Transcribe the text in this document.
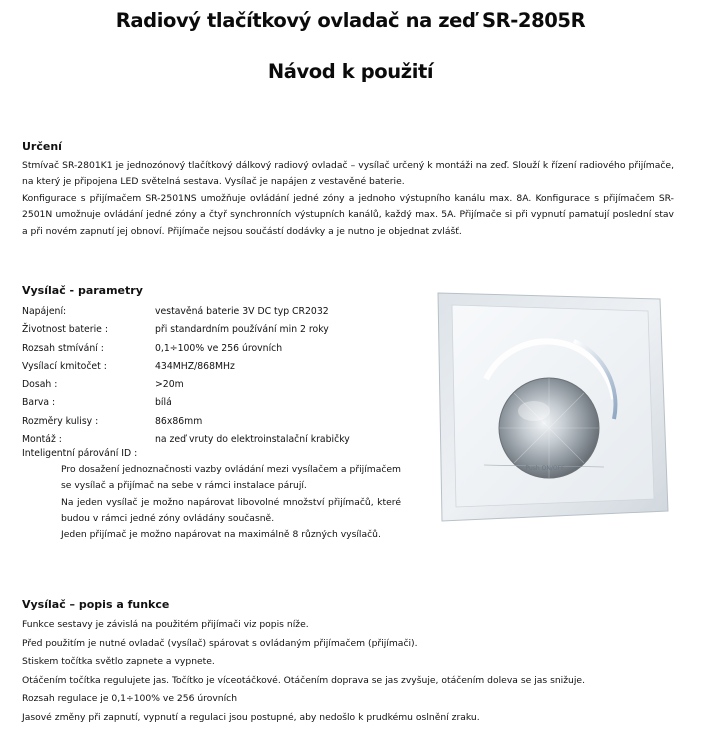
Radiový tlačítkový ovladač na zeď SR-2805R
Návod k použití
Určení
Stmívač SR-2801K1 je jednozónový tlačítkový dálkový radiový ovladač – vysílač určený k montáži na zeď. Slouží k řízení radiového přijímače, na který je připojena LED světelná sestava. Vysílač je napájen z vestavěné baterie.
Konfigurace s přijímačem SR-2501NS umožňuje ovládání jedné zóny a jednoho výstupního kanálu max. 8A. Konfigurace s přijímačem SR-2501N umožnuje ovládání jedné zóny a čtyř synchronních výstupních kanálů, každý max. 5A. Přijímače si při vypnutí pamatují poslední stav a při novém zapnutí jej obnoví. Přijímače nejsou součástí dodávky a je nutno je objednat zvlášť.
Vysílač - parametry
Napájení:	vestavěná baterie 3V DC typ CR2032
Životnost baterie :	při standardním používání min 2 roky
Rozsah stmívání :	0,1÷100% ve 256 úrovních
Vysílací kmitočet :	434MHZ/868MHz
Dosah :	>20m
Barva :	bílá
Rozměry kulisy :	86x86mm
Montáž :	na zeď vruty do elektroinstalační krabičky
Inteligentní párování ID :
Pro dosažení jednoznačnosti vazby ovládání mezi vysílačem a přijímačem se vysílač a přijímač na sebe v rámci instalace párují.
Na jeden vysílač je možno napárovat libovolné množství přijímačů, které budou v rámci jedné zóny ovládány současně.
Jeden přijímač je možno napárovat na maximálně 8 různých vysílačů.
Push ON/OFF
Vysílač – popis a funkce
Funkce sestavy je závislá na použitém přijímači viz popis níže.
Před použitím je nutné ovladač (vysílač) spárovat s ovládaným přijímačem (přijímači).
Stiskem točítka světlo zapnete a vypnete.
Otáčením točítka regulujete jas. Točítko je víceotáčkové. Otáčením doprava se jas zvyšuje, otáčením doleva se jas snižuje.
Rozsah regulace je 0,1÷100% ve 256 úrovních
Jasové změny při zapnutí, vypnutí a regulaci jsou postupné, aby nedošlo k prudkému oslnění zraku.
